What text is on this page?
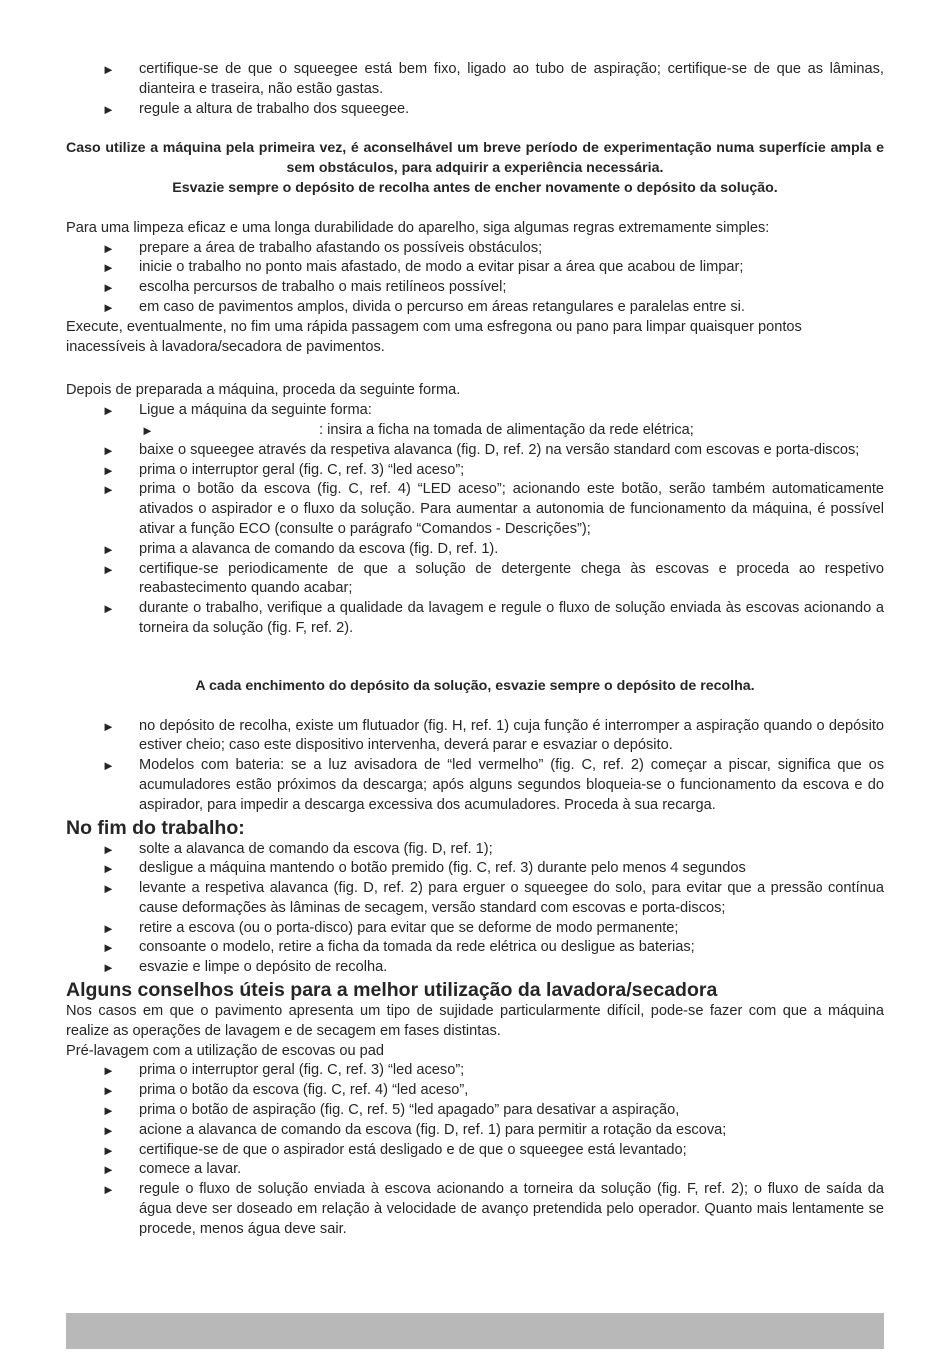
►	certifique-se de que o squeegee está bem fixo, ligado ao tubo de aspiração; certifique-se de que as lâminas, dianteira e traseira, não estão gastas.
►	regule a altura de trabalho dos squeegee.

Caso utilize a máquina pela primeira vez, é aconselhável um breve período de experimentação numa superfície ampla e sem obstáculos, para adquirir a experiência necessária.

Esvazie sempre o depósito de recolha antes de encher novamente o depósito da solução.

Para uma limpeza eficaz e uma longa durabilidade do aparelho, siga algumas regras extremamente simples:

►	prepare a área de trabalho afastando os possíveis obstáculos;
►	inicie o trabalho no ponto mais afastado, de modo a evitar pisar a área que acabou de limpar;
►	escolha percursos de trabalho o mais retilíneos possível;
►	em caso de pavimentos amplos, divida o percurso em áreas retangulares e paralelas entre si.

Execute, eventualmente, no fim uma rápida passagem com uma esfregona ou pano para limpar quaisquer pontos inacessíveis à lavadora/secadora de pavimentos.

Depois de preparada a máquina, proceda da seguinte forma.

►	Ligue a máquina da seguinte forma:
►	: insira a ficha na tomada de alimentação da rede elétrica;
►	baixe o squeegee através da respetiva alavanca (fig. D, ref. 2) na versão standard com escovas e porta-discos;
►	prima o interruptor geral (fig. C, ref. 3) “led aceso”;
►	prima o botão da escova (fig. C, ref. 4) “LED aceso”; acionando este botão, serão também automaticamente ativados o aspirador e o fluxo da solução. Para aumentar a autonomia de funcionamento da máquina, é possível ativar a função ECO (consulte o parágrafo “Comandos - Descrições”);
►	prima a alavanca de comando da escova (fig. D, ref. 1).
►	certifique-se periodicamente de que a solução de detergente chega às escovas e proceda ao respetivo reabastecimento quando acabar;
►	durante o trabalho, verifique a qualidade da lavagem e regule o fluxo de solução enviada às escovas acionando a torneira da solução (fig. F, ref. 2).

A cada enchimento do depósito da solução, esvazie sempre o depósito de recolha.

►	no depósito de recolha, existe um flutuador (fig. H, ref. 1) cuja função é interromper a aspiração quando o depósito estiver cheio; caso este dispositivo intervenha, deverá parar e esvaziar o depósito.
►	Modelos com bateria: se a luz avisadora de “led vermelho” (fig. C, ref. 2) começar a piscar, significa que os acumuladores estão próximos da descarga; após alguns segundos bloqueia-se o funcionamento da escova e do aspirador, para impedir a descarga excessiva dos acumuladores. Proceda à sua recarga.
No fim do trabalho:
►	solte a alavanca de comando da escova (fig. D, ref. 1);
►	desligue a máquina mantendo o botão premido (fig. C, ref. 3) durante pelo menos 4 segundos
►	levante a respetiva alavanca (fig. D, ref. 2) para erguer o squeegee do solo, para evitar que a pressão contínua cause deformações às lâminas de secagem, versão standard com escovas e porta-discos;
►	retire a escova (ou o porta-disco) para evitar que se deforme de modo permanente;
►	consoante o modelo, retire a ficha da tomada da rede elétrica ou desligue as baterias;
►	esvazie e limpe o depósito de recolha.
Alguns conselhos úteis para a melhor utilização da lavadora/secadora

Nos casos em que o pavimento apresenta um tipo de sujidade particularmente difícil, pode-se fazer com que a máquina realize as operações de lavagem e de secagem em fases distintas.

Pré-lavagem com a utilização de escovas ou pad

►	prima o interruptor geral (fig. C, ref. 3) “led aceso”;
►	prima o botão da escova (fig. C, ref. 4) “led aceso”,
►	prima o botão de aspiração (fig. C, ref. 5) “led apagado” para desativar a aspiração,
►	acione a alavanca de comando da escova (fig. D, ref. 1) para permitir a rotação da escova;
►	certifique-se de que o aspirador está desligado e de que o squeegee está levantado;
►	comece a lavar.
►	regule o fluxo de solução enviada à escova acionando a torneira da solução (fig. F, ref. 2); o fluxo de saída da água deve ser doseado em relação à velocidade de avanço pretendida pelo operador. Quanto mais lentamente se procede, menos água deve sair.
